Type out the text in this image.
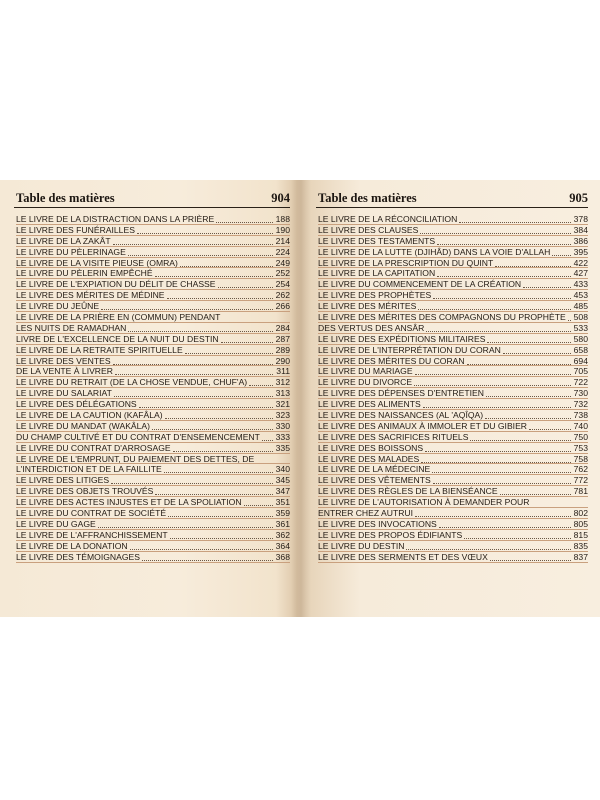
Table des matières	904
LE LIVRE DE LA DISTRACTION DANS LA PRIÈRE	188
LE LIVRE DES FUNÉRAILLES	190
LE LIVRE DE LA ZAKÂT	214
LE LIVRE DU PÈLERINAGE	224
LE LIVRE DE LA VISITE PIEUSE (OMRA)	249
LE LIVRE DU PÈLERIN EMPÊCHÉ	252
LE LIVRE DE L'EXPIATION DU DÉLIT DE CHASSE	254
LE LIVRE DES MÉRITES DE MÉDINE	262
LE LIVRE DU JEÛNE	266
LE LIVRE DE LA PRIÈRE EN (COMMUN) PENDANT
LES NUITS DE RAMADHAN	284
LIVRE DE L'EXCELLENCE DE LA NUIT DU DESTIN	287
LE LIVRE DE LA RETRAITE SPIRITUELLE	289
LE LIVRE DES VENTES	290
DE LA VENTE À LIVRER	311
LE LIVRE DU RETRAIT (DE LA CHOSE VENDUE, CHUF'A)	312
LE LIVRE DU SALARIAT	313
LE LIVRE DES DÉLÉGATIONS	321
LE LIVRE DE LA CAUTION (KAFÂLA)	323
LE LIVRE DU MANDAT (WAKÂLA)	330
DU CHAMP CULTIVÉ ET DU CONTRAT D'ENSEMENCEMENT 333
LE LIVRE DU CONTRAT D'ARROSAGE	335
LE LIVRE DE L'EMPRUNT, DU PAIEMENT DES DETTES, DE
L'INTERDICTION ET DE LA FAILLITE	340
LE LIVRE DES LITIGES	345
LE LIVRE DES OBJETS TROUVÉS	347
LE LIVRE DES ACTES INJUSTES ET DE LA SPOLIATION	351
LE LIVRE DU CONTRAT DE SOCIÉTÉ	359
LE LIVRE DU GAGE	361
LE LIVRE DE L'AFFRANCHISSEMENT	362
LE LIVRE DE LA DONATION	364
LE LIVRE DES TÉMOIGNAGES	368
Table des matières	905
LE LIVRE DE LA RÉCONCILIATION	378
LE LIVRE DES CLAUSES	384
LE LIVRE DES TESTAMENTS	386
LE LIVRE DE LA LUTTE (DJIHÂD) DANS LA VOIE D'ALLAH	395
LE LIVRE DE LA PRESCRIPTION DU QUINT	422
LE LIVRE DE LA CAPITATION	427
LE LIVRE DU COMMENCEMENT DE LA CRÉATION	433
LE LIVRE DES PROPHÈTES	453
LE LIVRE DES MÉRITES	485
LE LIVRE DES MÉRITES DES COMPAGNONS DU PROPHÈTE 508
DES VERTUS DES ANSÂR	533
LE LIVRE DES EXPÉDITIONS MILITAIRES	580
LE LIVRE DE L'INTERPRÉTATION DU CORAN	658
LE LIVRE DES MÉRITES DU CORAN	694
LE LIVRE DU MARIAGE	705
LE LIVRE DU DIVORCE	722
LE LIVRE DES DÉPENSES D'ENTRETIEN	730
LE LIVRE DES ALIMENTS	732
LE LIVRE DES NAISSANCES (AL 'AQÎQA)	738
LE LIVRE DES ANIMAUX À IMMOLER ET DU GIBIER	740
LE LIVRE DES SACRIFICES RITUELS	750
LE LIVRE DES BOISSONS	753
LE LIVRE DES MALADES	758
LE LIVRE DE LA MÉDECINE	762
LE LIVRE DES VÊTEMENTS	772
LE LIVRE DES RÈGLES DE LA BIENSÉANCE	781
LE LIVRE DE L'AUTORISATION À DEMANDER POUR
ENTRER CHEZ AUTRUI	802
LE LIVRE DES INVOCATIONS	805
LE LIVRE DES PROPOS ÉDIFIANTS	815
LE LIVRE DU DESTIN	835
LE LIVRE DES SERMENTS ET DES VŒUX	837
